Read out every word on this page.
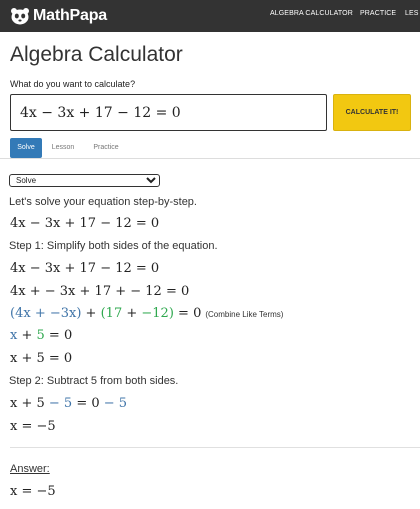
MathPapa	ALGEBRA CALCULATOR PRACTICE LES
Algebra Calculator
What do you want to calculate?
4x − 3x + 17 − 12 = 0
CALCULATE IT!
Solve	Lesson	Practice
Solve
Let's solve your equation step-by-step.
4x − 3x + 17 − 12 = 0
Step 1: Simplify both sides of the equation.
4x − 3x + 17 − 12 = 0
4x + − 3x + 17 + − 12 = 0
(4x + −3x) + (17 + −12) = 0 (Combine Like Terms)
x + 5 = 0
x + 5 = 0
Step 2: Subtract 5 from both sides.
x + 5 − 5 = 0 − 5
x = −5
Answer:
x = −5
